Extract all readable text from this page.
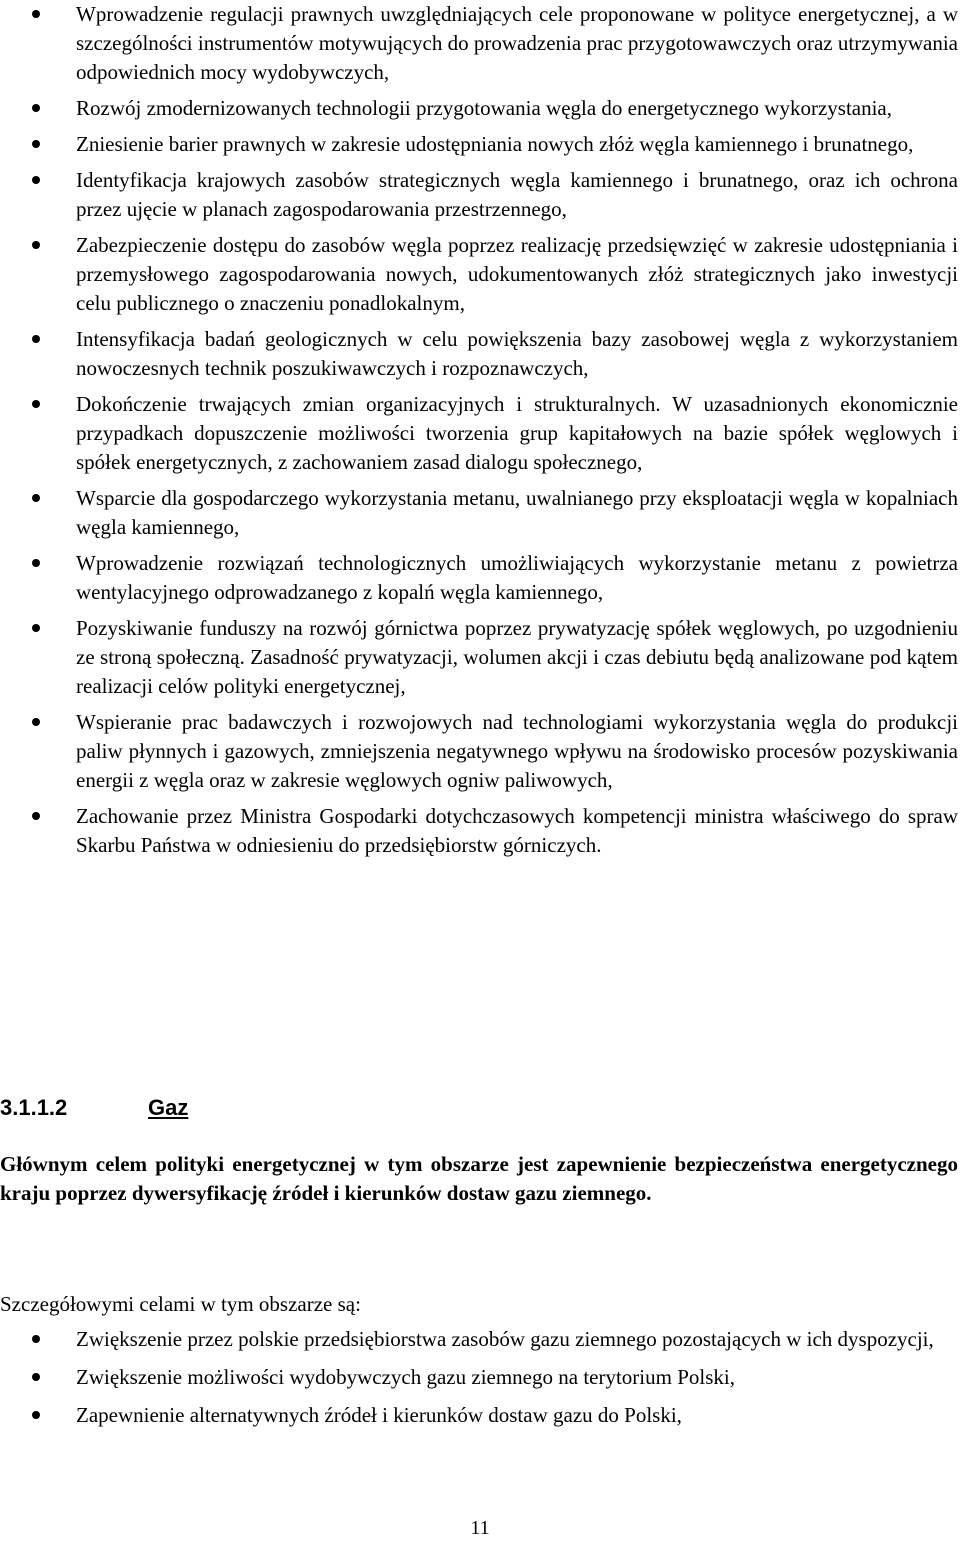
Wprowadzenie regulacji prawnych uwzględniających cele proponowane w polityce energetycznej, a w szczególności instrumentów motywujących do prowadzenia prac przygotowawczych oraz utrzymywania odpowiednich mocy wydobywczych,
Rozwój zmodernizowanych technologii przygotowania węgla do energetycznego wykorzystania,
Zniesienie barier prawnych w zakresie udostępniania nowych złóż węgla kamiennego i brunatnego,
Identyfikacja krajowych zasobów strategicznych węgla kamiennego i brunatnego, oraz ich ochrona przez ujęcie w planach zagospodarowania przestrzennego,
Zabezpieczenie dostępu do zasobów węgla poprzez realizację przedsięwzięć w zakresie udostępniania i przemysłowego zagospodarowania nowych, udokumentowanych złóż strategicznych jako inwestycji celu publicznego o znaczeniu ponadlokalnym,
Intensyfikacja badań geologicznych w celu powiększenia bazy zasobowej węgla z wykorzystaniem nowoczesnych technik poszukiwawczych i rozpoznawczych,
Dokończenie trwających zmian organizacyjnych i strukturalnych. W uzasadnionych ekonomicznie przypadkach dopuszczenie możliwości tworzenia grup kapitałowych na bazie spółek węglowych i spółek energetycznych, z zachowaniem zasad dialogu społecznego,
Wsparcie dla gospodarczego wykorzystania metanu, uwalnianego przy eksploatacji węgla w kopalniach węgla kamiennego,
Wprowadzenie rozwiązań technologicznych umożliwiających wykorzystanie metanu z powietrza wentylacyjnego odprowadzanego z kopalń węgla kamiennego,
Pozyskiwanie funduszy na rozwój górnictwa poprzez prywatyzację spółek węglowych, po uzgodnieniu ze stroną społeczną. Zasadność prywatyzacji, wolumen akcji i czas debiutu będą analizowane pod kątem realizacji celów polityki energetycznej,
Wspieranie prac badawczych i rozwojowych nad technologiami wykorzystania węgla do produkcji paliw płynnych i gazowych, zmniejszenia negatywnego wpływu na środowisko procesów pozyskiwania energii z węgla oraz w zakresie węglowych ogniw paliwowych,
Zachowanie przez Ministra Gospodarki dotychczasowych kompetencji ministra właściwego do spraw Skarbu Państwa w odniesieniu do przedsiębiorstw górniczych.
3.1.1.2	Gaz

Głównym celem polityki energetycznej w tym obszarze jest zapewnienie bezpieczeństwa energetycznego kraju poprzez dywersyfikację źródeł i kierunków dostaw gazu ziemnego.

Szczegółowymi celami w tym obszarze są:

Zwiększenie przez polskie przedsiębiorstwa zasobów gazu ziemnego pozostających w ich dyspozycji,
Zwiększenie możliwości wydobywczych gazu ziemnego na terytorium Polski,
Zapewnienie alternatywnych źródeł i kierunków dostaw gazu do Polski,
11
